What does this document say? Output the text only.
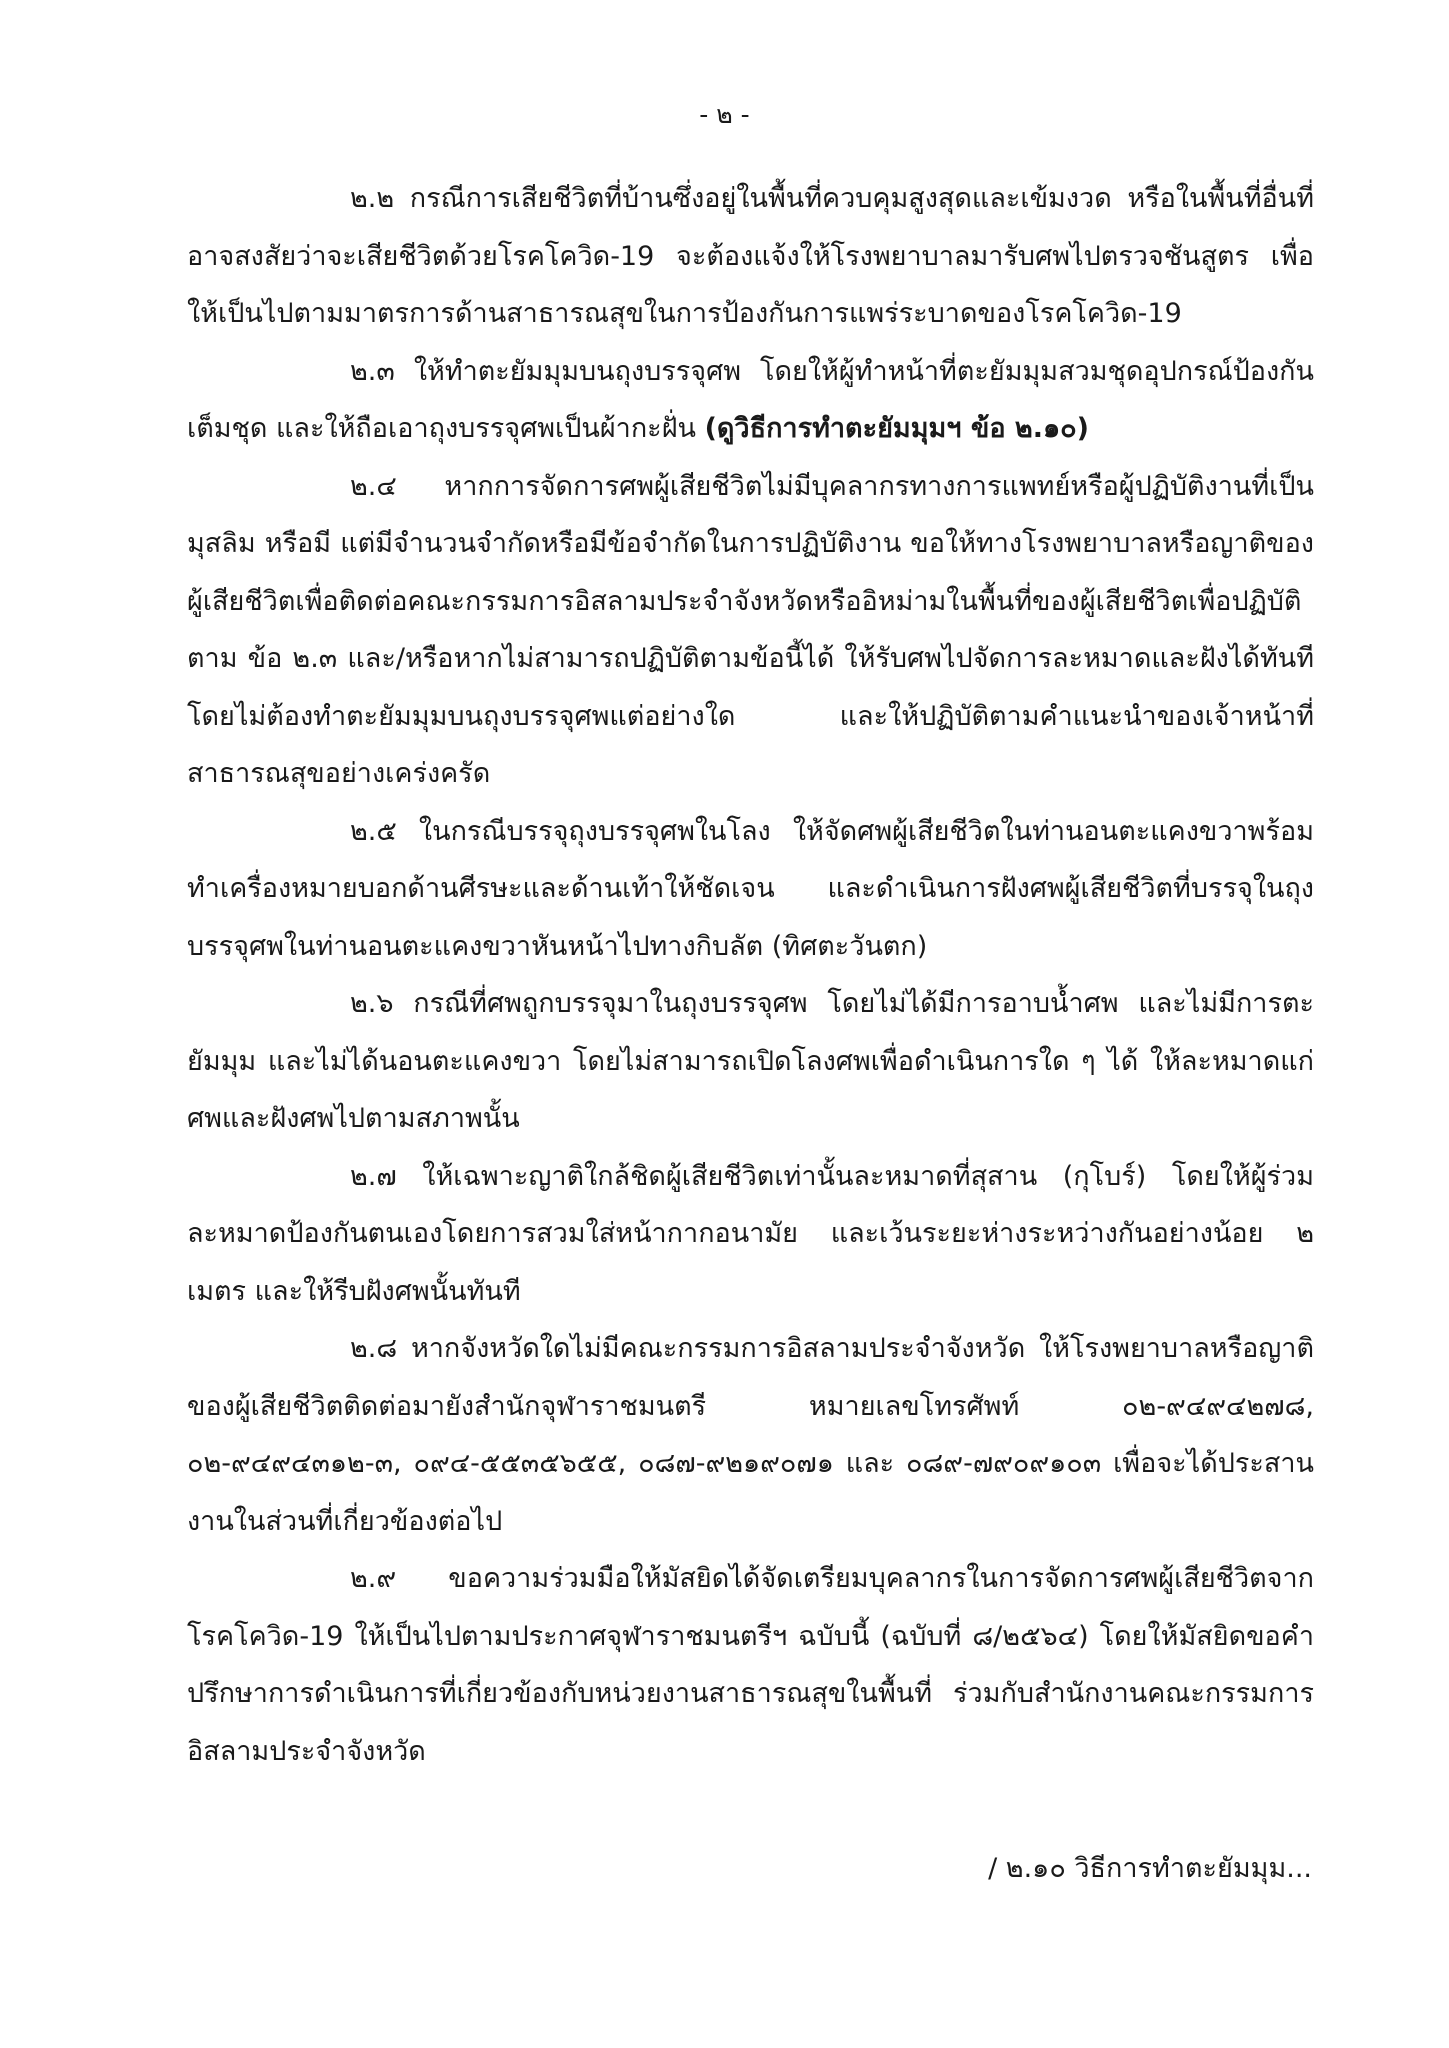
- ๒ -

๒.๒ กรณีการเสียชีวิตที่บ้านซึ่งอยู่ในพื้นที่ควบคุมสูงสุดและเข้มงวด หรือในพื้นที่อื่นที่อาจสงสัยว่าจะเสียชีวิตด้วยโรคโควิด-19 จะต้องแจ้งให้โรงพยาบาลมารับศพไปตรวจชันสูตร เพื่อให้เป็นไปตามมาตรการด้านสาธารณสุขในการป้องกันการแพร่ระบาดของโรคโควิด-19

๒.๓ ให้ทำตะยัมมุมบนถุงบรรจุศพ โดยให้ผู้ทำหน้าที่ตะยัมมุมสวมชุดอุปกรณ์ป้องกันเต็มชุด และให้ถือเอาถุงบรรจุศพเป็นผ้ากะฝั่น (ดูวิธีการทำตะยัมมุมฯ ข้อ ๒.๑๐)

๒.๔ หากการจัดการศพผู้เสียชีวิตไม่มีบุคลากรทางการแพทย์หรือผู้ปฏิบัติงานที่เป็นมุสลิม หรือมี แต่มีจำนวนจำกัดหรือมีข้อจำกัดในการปฏิบัติงาน ขอให้ทางโรงพยาบาลหรือญาติของผู้เสียชีวิตเพื่อติดต่อคณะกรรมการอิสลามประจำจังหวัดหรืออิหม่ามในพื้นที่ของผู้เสียชีวิตเพื่อปฏิบัติตาม ข้อ ๒.๓ และ/หรือหากไม่สามารถปฏิบัติตามข้อนี้ได้ ให้รับศพไปจัดการละหมาดและฝังได้ทันที โดยไม่ต้องทำตะยัมมุมบนถุงบรรจุศพแต่อย่างใด และให้ปฏิบัติตามคำแนะนำของเจ้าหน้าที่สาธารณสุขอย่างเคร่งครัด

๒.๕ ในกรณีบรรจุถุงบรรจุศพในโลง ให้จัดศพผู้เสียชีวิตในท่านอนตะแคงขวาพร้อมทำเครื่องหมายบอกด้านศีรษะและด้านเท้าให้ชัดเจน และดำเนินการฝังศพผู้เสียชีวิตที่บรรจุในถุงบรรจุศพในท่านอนตะแคงขวาหันหน้าไปทางกิบลัต (ทิศตะวันตก)

๒.๖ กรณีที่ศพถูกบรรจุมาในถุงบรรจุศพ โดยไม่ได้มีการอาบน้ำศพ และไม่มีการตะยัมมุม และไม่ได้นอนตะแคงขวา โดยไม่สามารถเปิดโลงศพเพื่อดำเนินการใด ๆ ได้ ให้ละหมาดแก่ศพและฝังศพไปตามสภาพนั้น

๒.๗ ให้เฉพาะญาติใกล้ชิดผู้เสียชีวิตเท่านั้นละหมาดที่สุสาน (กุโบร์) โดยให้ผู้ร่วมละหมาดป้องกันตนเองโดยการสวมใส่หน้ากากอนามัย และเว้นระยะห่างระหว่างกันอย่างน้อย ๒ เมตร และให้รีบฝังศพนั้นทันที

๒.๘ หากจังหวัดใดไม่มีคณะกรรมการอิสลามประจำจังหวัด ให้โรงพยาบาลหรือญาติของผู้เสียชีวิตติดต่อมายังสำนักจุฬาราชมนตรี หมายเลขโทรศัพท์ ๐๒-๙๔๙๔๒๗๘, ๐๒-๙๔๙๔๓๑๒-๓, ๐๙๔-๕๕๓๕๖๕๕, ๐๘๗-๙๒๑๙๐๗๑ และ ๐๘๙-๗๙๐๙๑๐๓ เพื่อจะได้ประสานงานในส่วนที่เกี่ยวข้องต่อไป

๒.๙ ขอความร่วมมือให้มัสยิดได้จัดเตรียมบุคลากรในการจัดการศพผู้เสียชีวิตจากโรคโควิด-19 ให้เป็นไปตามประกาศจุฬาราชมนตรีฯ ฉบับนี้ (ฉบับที่ ๘/๒๕๖๔) โดยให้มัสยิดขอคำปรึกษาการดำเนินการที่เกี่ยวข้องกับหน่วยงานสาธารณสุขในพื้นที่ ร่วมกับสำนักงานคณะกรรมการอิสลามประจำจังหวัด

/ ๒.๑๐ วิธีการทำตะยัมมุม...
